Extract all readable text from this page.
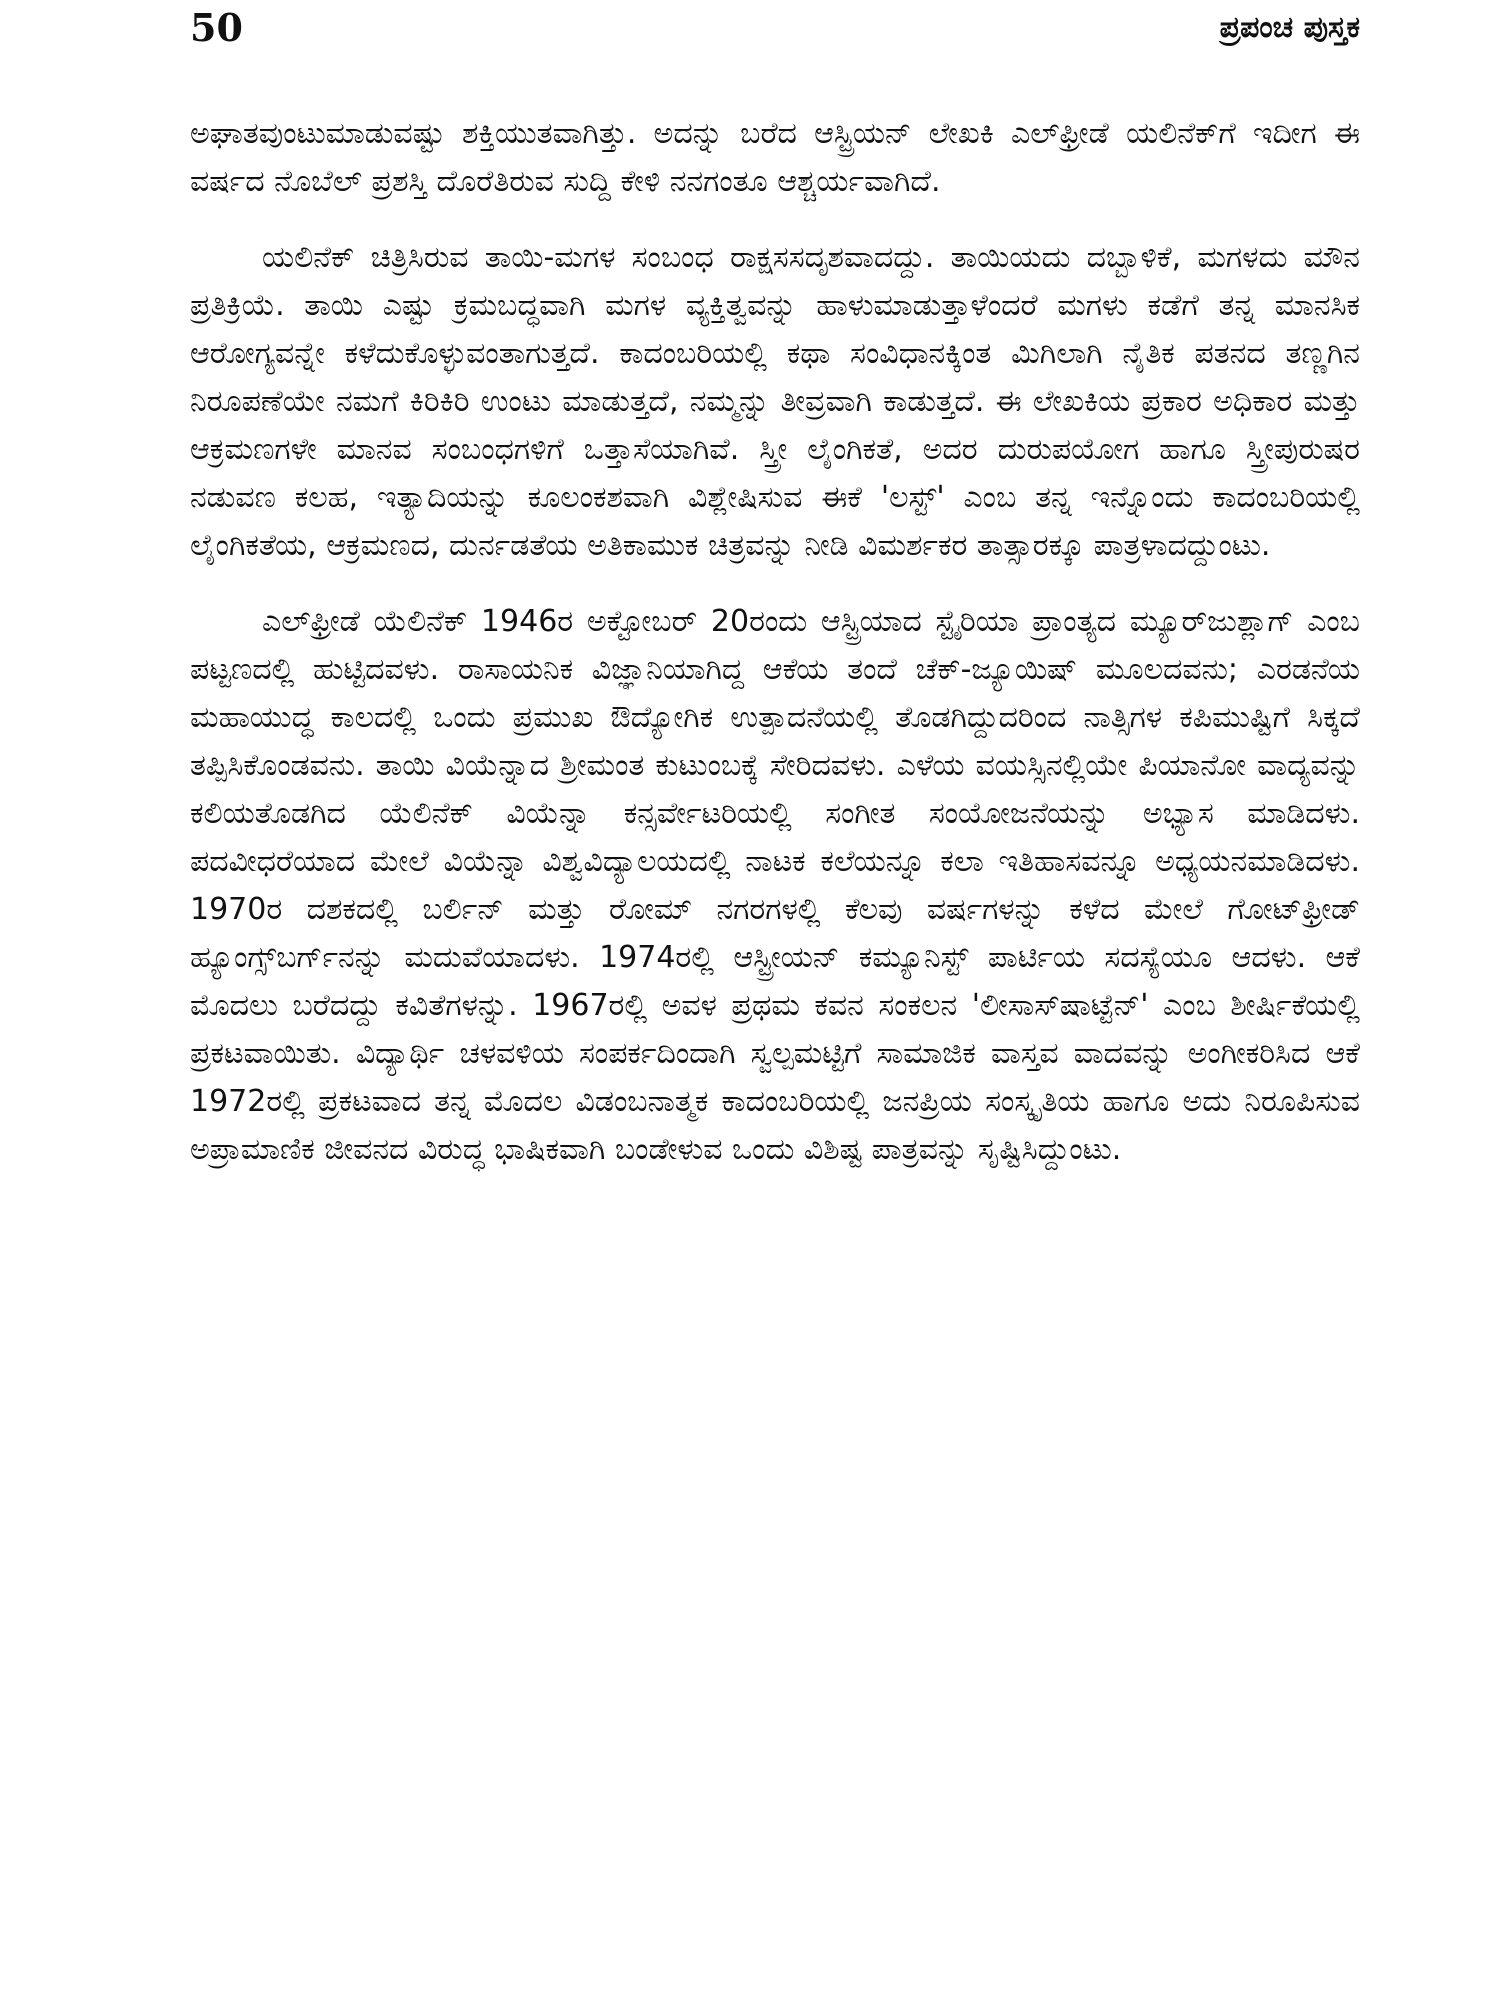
50	ಪ್ರಪಂಚ ಪುಸ್ತಕ

ಅಘಾತವುಂಟುಮಾಡುವಷ್ಟು ಶಕ್ತಿಯುತವಾಗಿತ್ತು. ಅದನ್ನು ಬರೆದ ಆಸ್ಟ್ರಿಯನ್ ಲೇಖಕಿ ಎಲ್‌ಫ್ರೀಡೆ ಯಲಿನೆಕ್‌ಗೆ ಇದೀಗ ಈ ವರ್ಷದ ನೊಬೆಲ್ ಪ್ರಶಸ್ತಿ ದೊರೆತಿರುವ ಸುದ್ದಿ ಕೇಳಿ ನನಗಂತೂ ಆಶ್ಚರ್ಯವಾಗಿದೆ.

ಯಲಿನೆಕ್ ಚಿತ್ರಿಸಿರುವ ತಾಯಿ-ಮಗಳ ಸಂಬಂಧ ರಾಕ್ಷಸಸದೃಶವಾದದ್ದು. ತಾಯಿಯದು ದಬ್ಬಾಳಿಕೆ, ಮಗಳದು ಮೌನ ಪ್ರತಿಕ್ರಿಯೆ. ತಾಯಿ ಎಷ್ಟು ಕ್ರಮಬದ್ಧವಾಗಿ ಮಗಳ ವ್ಯಕ್ತಿತ್ವವನ್ನು ಹಾಳುಮಾಡುತ್ತಾಳೆಂದರೆ ಮಗಳು ಕಡೆಗೆ ತನ್ನ ಮಾನಸಿಕ ಆರೋಗ್ಯವನ್ನೇ ಕಳೆದುಕೊಳ್ಳುವಂತಾಗುತ್ತದೆ. ಕಾದಂಬರಿಯಲ್ಲಿ ಕಥಾ ಸಂವಿಧಾನಕ್ಕಿಂತ ಮಿಗಿಲಾಗಿ ನೈತಿಕ ಪತನದ ತಣ್ಣಗಿನ ನಿರೂಪಣೆಯೇ ನಮಗೆ ಕಿರಿಕಿರಿ ಉಂಟು ಮಾಡುತ್ತದೆ, ನಮ್ಮನ್ನು ತೀವ್ರವಾಗಿ ಕಾಡುತ್ತದೆ. ಈ ಲೇಖಕಿಯ ಪ್ರಕಾರ ಅಧಿಕಾರ ಮತ್ತು ಆಕ್ರಮಣಗಳೇ ಮಾನವ ಸಂಬಂಧಗಳಿಗೆ ಒತ್ತಾಸೆಯಾಗಿವೆ. ಸ್ತ್ರೀ ಲೈಂಗಿಕತೆ, ಅದರ ದುರುಪಯೋಗ ಹಾಗೂ ಸ್ತ್ರೀಪುರುಷರ ನಡುವಣ ಕಲಹ, ಇತ್ಯಾದಿಯನ್ನು ಕೂಲಂಕಶವಾಗಿ ವಿಶ್ಲೇಷಿಸುವ ಈಕೆ 'ಲಸ್ಟ್' ಎಂಬ ತನ್ನ ಇನ್ನೊಂದು ಕಾದಂಬರಿಯಲ್ಲಿ ಲೈಂಗಿಕತೆಯ, ಆಕ್ರಮಣದ, ದುರ್ನಡತೆಯ ಅತಿಕಾಮುಕ ಚಿತ್ರವನ್ನು ನೀಡಿ ವಿಮರ್ಶಕರ ತಾತ್ಸಾರಕ್ಕೂ ಪಾತ್ರಳಾದದ್ದುಂಟು.

ಎಲ್‌ಫ್ರೀಡೆ ಯೆಲಿನೆಕ್ 1946ರ ಅಕ್ಟೋಬರ್ 20ರಂದು ಆಸ್ಟ್ರಿಯಾದ ಸ್ಟೈರಿಯಾ ಪ್ರಾಂತ್ಯದ ಮ್ಯೂರ್‌ಜುಶ್ಲಾಗ್ ಎಂಬ ಪಟ್ಟಣದಲ್ಲಿ ಹುಟ್ಟಿದವಳು. ರಾಸಾಯನಿಕ ವಿಜ್ಞಾನಿಯಾಗಿದ್ದ ಆಕೆಯ ತಂದೆ ಚೆಕ್-ಜ್ಯೂಯಿಷ್ ಮೂಲದವನು; ಎರಡನೆಯ ಮಹಾಯುದ್ಧ ಕಾಲದಲ್ಲಿ ಒಂದು ಪ್ರಮುಖ ಔದ್ಯೋಗಿಕ ಉತ್ಪಾದನೆಯಲ್ಲಿ ತೊಡಗಿದ್ದುದರಿಂದ ನಾತ್ಸಿಗಳ ಕಪಿಮುಷ್ಟಿಗೆ ಸಿಕ್ಕದೆ ತಪ್ಪಿಸಿಕೊಂಡವನು. ತಾಯಿ ವಿಯೆನ್ನಾದ ಶ್ರೀಮಂತ ಕುಟುಂಬಕ್ಕೆ ಸೇರಿದವಳು. ಎಳೆಯ ವಯಸ್ಸಿನಲ್ಲಿಯೇ ಪಿಯಾನೋ ವಾದ್ಯವನ್ನು ಕಲಿಯತೊಡಗಿದ ಯೆಲಿನೆಕ್ ವಿಯೆನ್ನಾ ಕನ್ಸರ್ವೇಟರಿಯಲ್ಲಿ ಸಂಗೀತ ಸಂಯೋಜನೆಯನ್ನು ಅಭ್ಯಾಸ ಮಾಡಿದಳು. ಪದವೀಧರೆಯಾದ ಮೇಲೆ ವಿಯೆನ್ನಾ ವಿಶ್ವವಿದ್ಯಾಲಯದಲ್ಲಿ ನಾಟಕ ಕಲೆಯನ್ನೂ ಕಲಾ ಇತಿಹಾಸವನ್ನೂ ಅಧ್ಯಯನಮಾಡಿದಳು. 1970ರ ದಶಕದಲ್ಲಿ ಬರ್ಲಿನ್ ಮತ್ತು ರೋಮ್ ನಗರಗಳಲ್ಲಿ ಕೆಲವು ವರ್ಷಗಳನ್ನು ಕಳೆದ ಮೇಲೆ ಗೋಟ್‌ಫ್ರೀಡ್ ಹ್ಯೂಂಗ್ಸ್‌ಬರ್ಗ್‌ನನ್ನು ಮದುವೆಯಾದಳು. 1974ರಲ್ಲಿ ಆಸ್ಟ್ರೀಯನ್ ಕಮ್ಯೂನಿಸ್ಟ್ ಪಾರ್ಟಿಯ ಸದಸ್ಯೆಯೂ ಆದಳು. ಆಕೆ ಮೊದಲು ಬರೆದದ್ದು ಕವಿತೆಗಳನ್ನು. 1967ರಲ್ಲಿ ಅವಳ ಪ್ರಥಮ ಕವನ ಸಂಕಲನ 'ಲೀಸಾಸ್‌ಷಾಟ್ಟೆನ್' ಎಂಬ ಶೀರ್ಷಿಕೆಯಲ್ಲಿ ಪ್ರಕಟವಾಯಿತು. ವಿದ್ಯಾರ್ಥಿ ಚಳವಳಿಯ ಸಂಪರ್ಕದಿಂದಾಗಿ ಸ್ವಲ್ಪಮಟ್ಟಿಗೆ ಸಾಮಾಜಿಕ ವಾಸ್ತವ ವಾದವನ್ನು ಅಂಗೀಕರಿಸಿದ ಆಕೆ 1972ರಲ್ಲಿ ಪ್ರಕಟವಾದ ತನ್ನ ಮೊದಲ ವಿಡಂಬನಾತ್ಮಕ ಕಾದಂಬರಿಯಲ್ಲಿ ಜನಪ್ರಿಯ ಸಂಸ್ಕೃತಿಯ ಹಾಗೂ ಅದು ನಿರೂಪಿಸುವ ಅಪ್ರಾಮಾಣಿಕ ಜೀವನದ ವಿರುದ್ಧ ಭಾಷಿಕವಾಗಿ ಬಂಡೇಳುವ ಒಂದು ವಿಶಿಷ್ಟ ಪಾತ್ರವನ್ನು ಸೃಷ್ಟಿಸಿದ್ದುಂಟು.
